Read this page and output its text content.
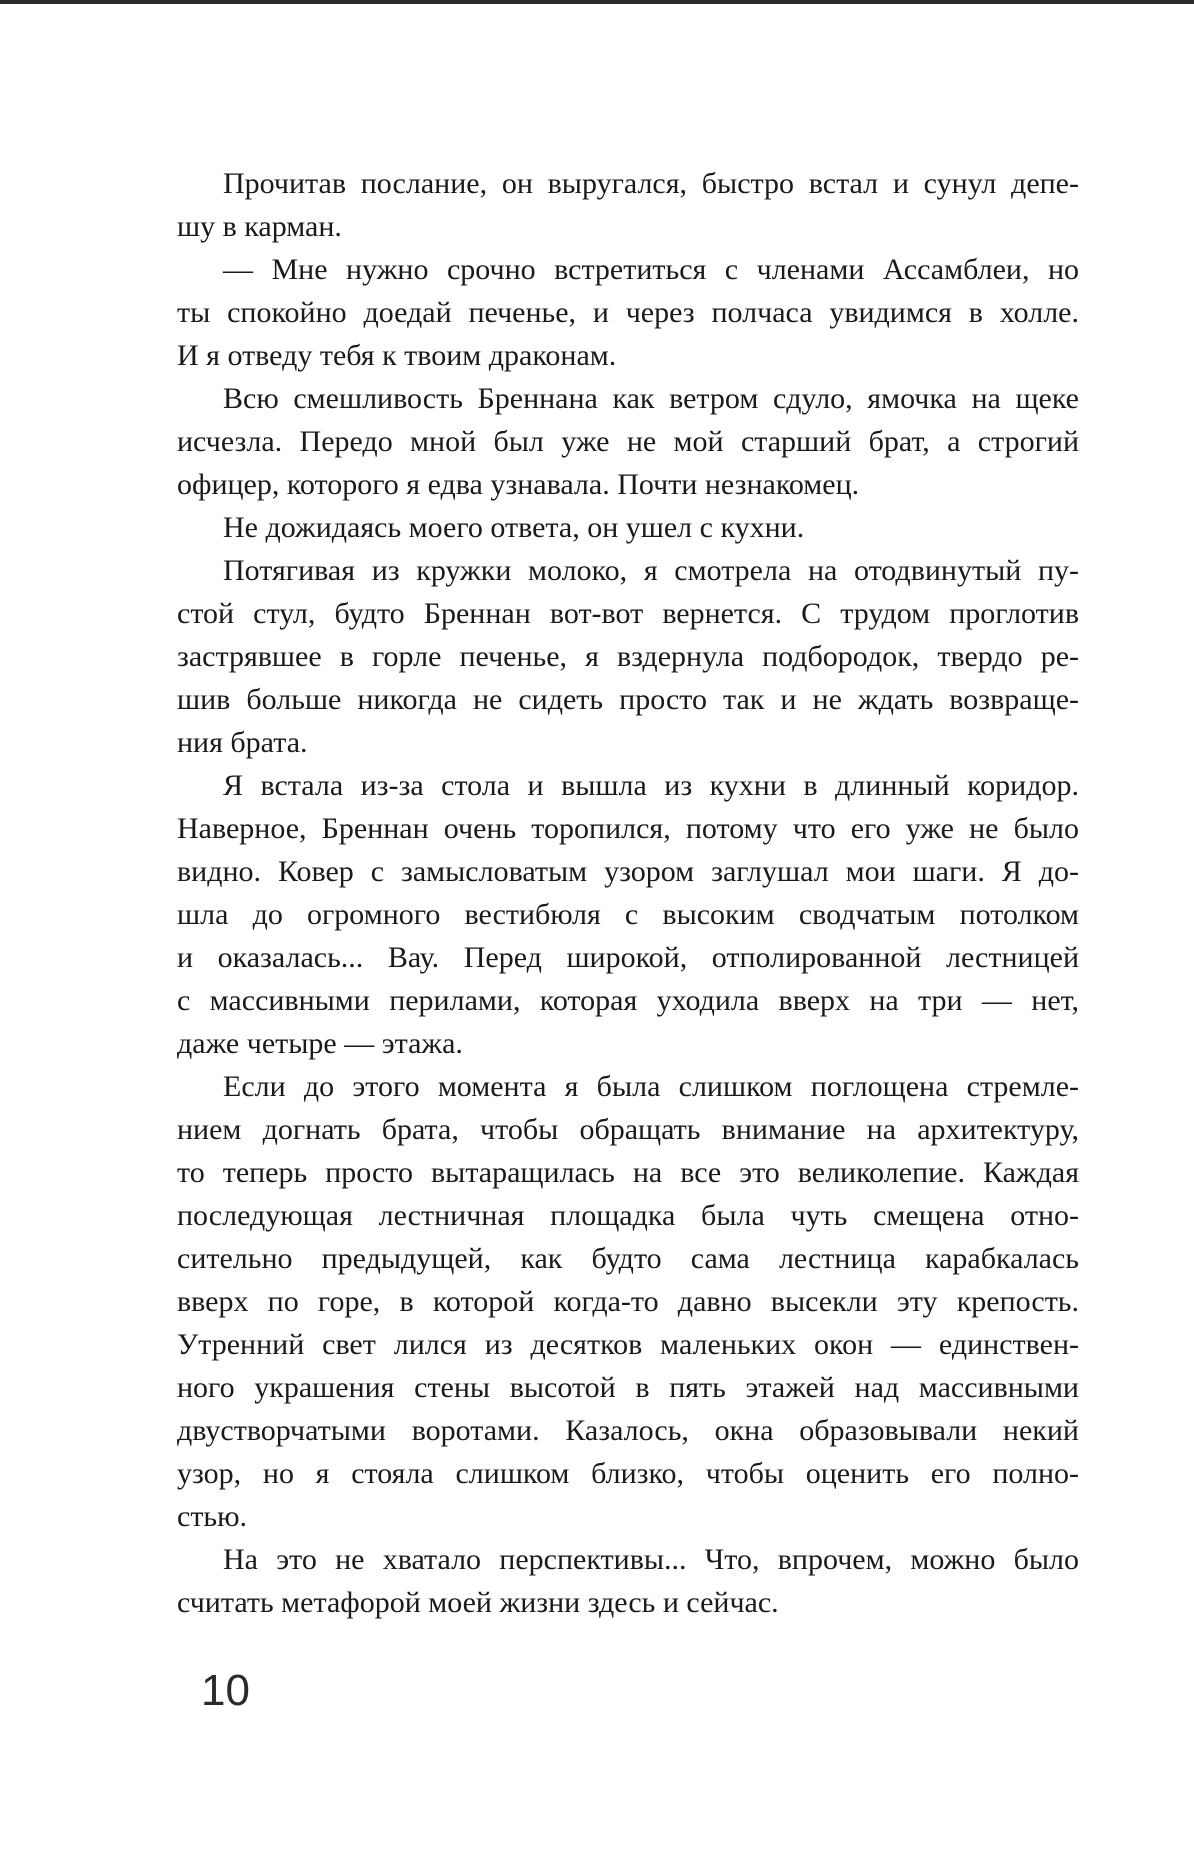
Прочитав послание, он выругался, быстро встал и сунул депе-
шу в карман.
— Мне нужно срочно встретиться с членами Ассамблеи, но
ты спокойно доедай печенье, и через полчаса увидимся в холле.
И я отведу тебя к твоим драконам.
Всю смешливость Бреннана как ветром сдуло, ямочка на щеке
исчезла. Передо мной был уже не мой старший брат, а строгий
офицер, которого я едва узнавала. Почти незнакомец.
Не дожидаясь моего ответа, он ушел с кухни.
Потягивая из кружки молоко, я смотрела на отодвинутый пу-
стой стул, будто Бреннан вот-вот вернется. С трудом проглотив
застрявшее в горле печенье, я вздернула подбородок, твердо ре-
шив больше никогда не сидеть просто так и не ждать возвраще-
ния брата.
Я встала из-за стола и вышла из кухни в длинный коридор.
Наверное, Бреннан очень торопился, потому что его уже не было
видно. Ковер с замысловатым узором заглушал мои шаги. Я до-
шла до огромного вестибюля с высоким сводчатым потолком
и оказалась... Вау. Перед широкой, отполированной лестницей
с массивными перилами, которая уходила вверх на три — нет,
даже четыре — этажа.
Если до этого момента я была слишком поглощена стремле-
нием догнать брата, чтобы обращать внимание на архитектуру,
то теперь просто вытаращилась на все это великолепие. Каждая
последующая лестничная площадка была чуть смещена отно-
сительно предыдущей, как будто сама лестница карабкалась
вверх по горе, в которой когда-то давно высекли эту крепость.
Утренний свет лился из десятков маленьких окон — единствен-
ного украшения стены высотой в пять этажей над массивными
двустворчатыми воротами. Казалось, окна образовывали некий
узор, но я стояла слишком близко, чтобы оценить его полно-
стью.
На это не хватало перспективы... Что, впрочем, можно было
считать метафорой моей жизни здесь и сейчас.
10
